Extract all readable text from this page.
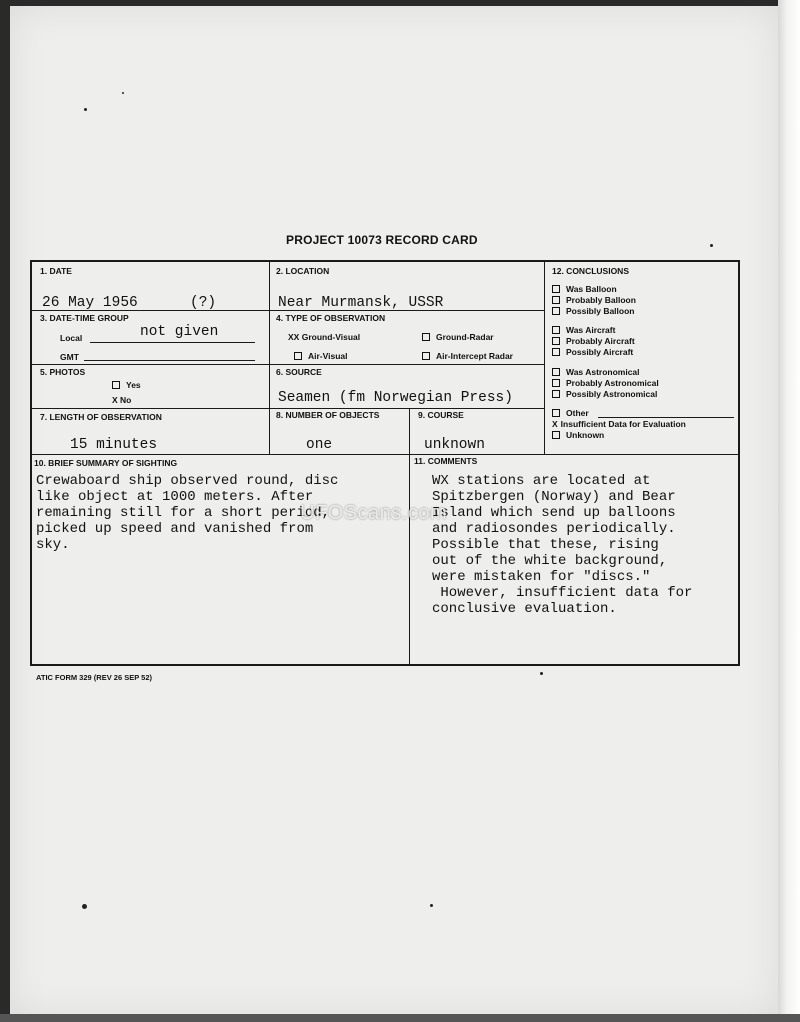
PROJECT 10073 RECORD CARD
1. DATE
26 May 1956	(?)
2. LOCATION
Near Murmansk, USSR
3. DATE-TIME GROUP
Local	not given
GMT
4. TYPE OF OBSERVATION
XX Ground-Visual	Ground-Radar
Air-Visual	Air-Intercept Radar
5. PHOTOS
Yes
X No
6. SOURCE
Seamen (fm Norwegian Press)
7. LENGTH OF OBSERVATION
15 minutes
8. NUMBER OF OBJECTS
one
9. COURSE
unknown
10. BRIEF SUMMARY OF SIGHTING
Crewaboard ship observed round, disc
like object at 1000 meters. After
remaining still for a short period,
picked up speed and vanished from
sky.
11. COMMENTS
WX stations are located at
Spitzbergen (Norway) and Bear
Island which send up balloons
and radiosondes periodically.
Possible that these, rising
out of the white background,
were mistaken for "discs."
However, insufficient data for
conclusive evaluation.
12. CONCLUSIONS
Was Balloon
Probably Balloon
Possibly Balloon
Was Aircraft
Probably Aircraft
Possibly Aircraft
Was Astronomical
Probably Astronomical
Possibly Astronomical
Other
X Insufficient Data for Evaluation
Unknown
ATIC FORM 329 (REV 26 SEP 52)
UFOScans.com
